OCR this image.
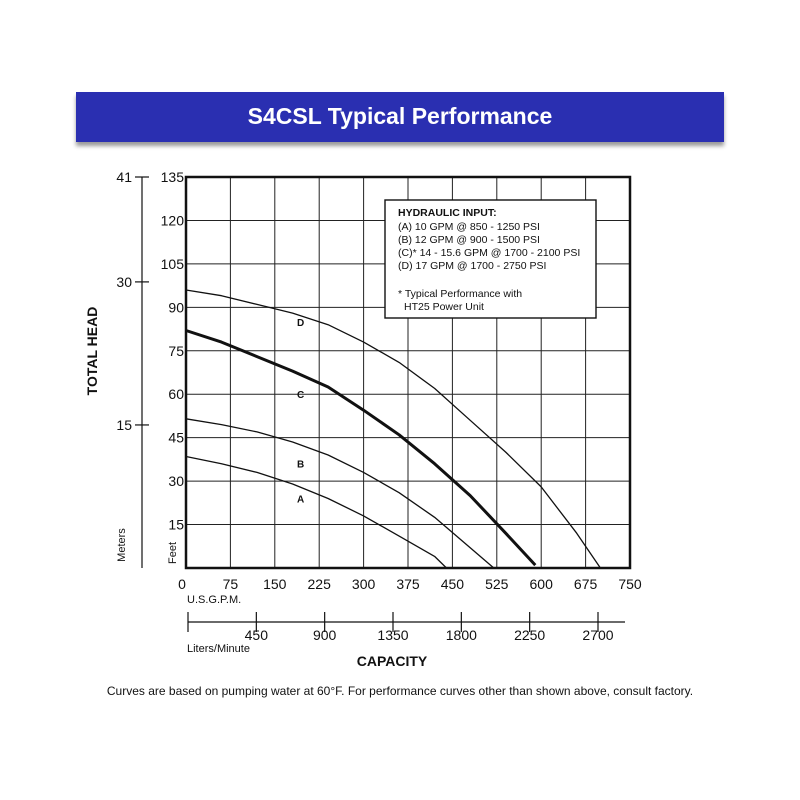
S4CSL Typical Performance
D
C
B
A
15
30
45
60
75
90
105
120
135
Feet
15
30
41
Meters
0	75 150 225 300 375 450 525 600 675 750
U.S.G.P.M.
450	900	1350	1800	2250	2700
Liters/Minute
HYDRAULIC INPUT:
(A) 10 GPM @ 850 - 1250 PSI
(B) 12 GPM @ 900 - 1500 PSI
(C)* 14 - 15.6 GPM @ 1700 - 2100 PSI
(D) 17 GPM @ 1700 - 2750 PSI
* Typical Performance with
HT25 Power Unit
TOTAL HEAD
CAPACITY
Curves are based on pumping water at 60°F. For performance curves other than shown above, consult factory.
